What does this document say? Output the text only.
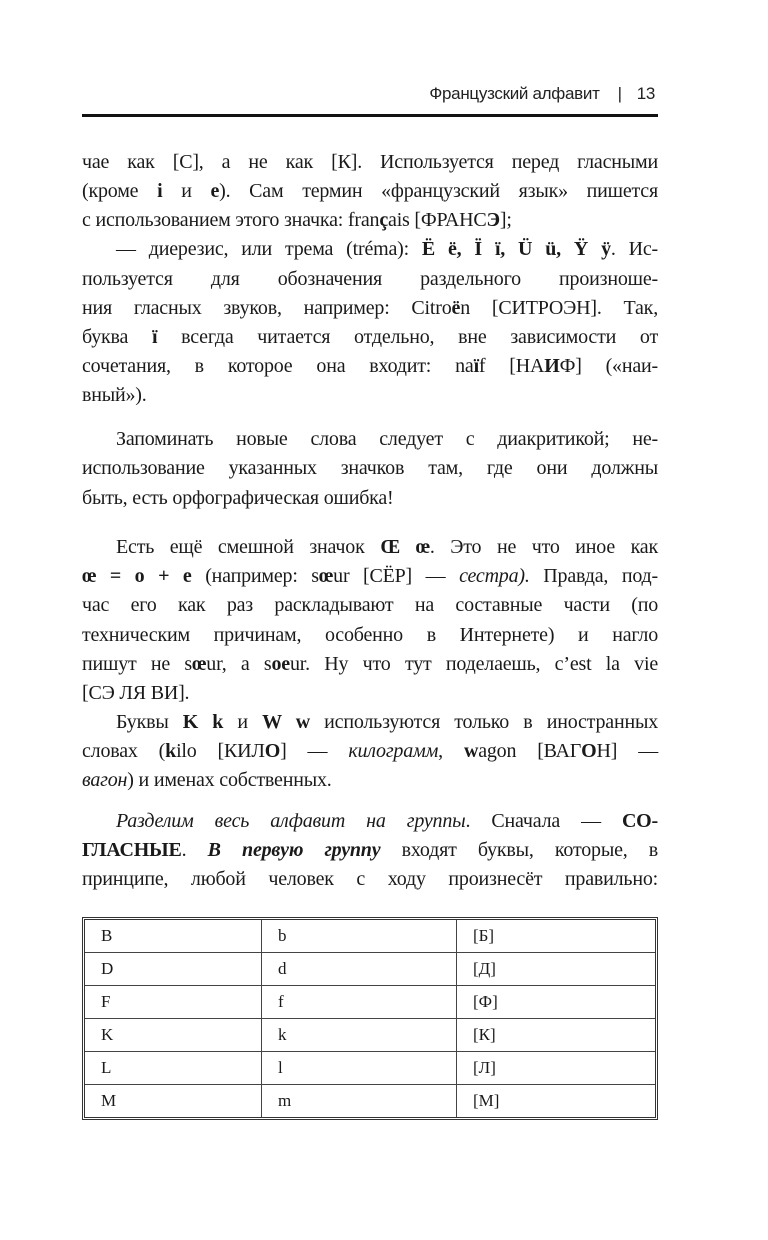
Французский алфавит | 13
чае как [С], а не как [К]. Используется перед гласными
(кроме i и e). Сам термин «французский язык» пишется
с использованием этого значка: français [ФРАНСЭ];
— диерезис, или трема (tréma): Ë ë, Ï ï, Ü ü, Ÿ ÿ. Ис-
пользуется для обозначения раздельного произноше-
ния гласных звуков, например: Citroën [СИТРОЭН]. Так,
буква ï всегда читается отдельно, вне зависимости от
сочетания, в которое она входит: naïf [НАИФ] («наи-
вный»).
Запоминать новые слова следует с диакритикой; не-
использование указанных значков там, где они должны
быть, есть орфографическая ошибка!
Есть ещё смешной значок Œ œ. Это не что иное как
œ = o + e (например: sœur [СЁР] — сестра). Правда, под-
час его как раз раскладывают на составные части (по
техническим причинам, особенно в Интернете) и нагло
пишут не sœur, а soeur. Ну что тут поделаешь, c’est la vie
[СЭ ЛЯ ВИ].
Буквы K k и W w используются только в иностранных
словах (kilo [КИЛО] — килограмм, wagon [ВАГОН] —
вагон) и именах собственных.
Разделим весь алфавит на группы. Сначала — СО-
ГЛАСНЫЕ. В первую группу входят буквы, которые, в
принципе, любой человек с ходу произнесёт правильно:
B	b	[Б]
D	d	[Д]
F	f	[Ф]
K	k	[К]
L	l	[Л]
M	m	[М]
